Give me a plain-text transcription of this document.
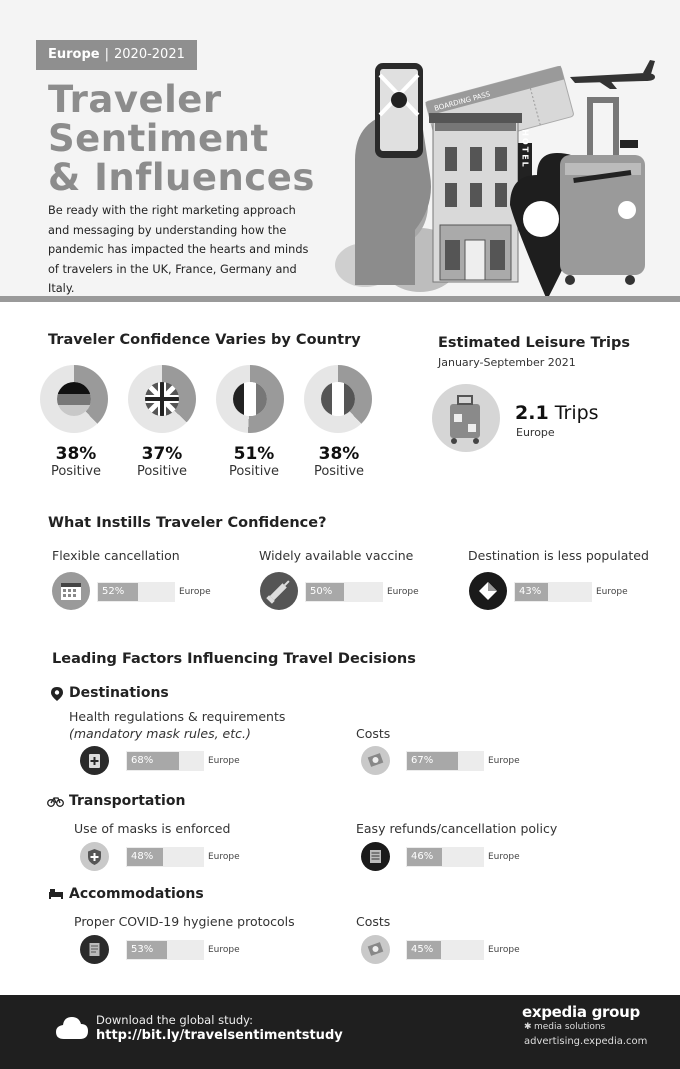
Europe | 2020-2021
Traveler
Sentiment
& Influences

Be ready with the right marketing approach and messaging by understanding how the pandemic has impacted the hearts and minds of travelers in the UK, France, Germany and Italy.

BOARDING PASS
HOTEL
Traveler Confidence Varies by Country
38%
Positive
37%
Positive
51%
Positive
38%
Positive
Estimated Leisure Trips
January-September 2021
2.1 Trips
Europe
What Instills Traveler Confidence?
Flexible cancellation
52%	Europe
Widely available vaccine
50%	Europe
Destination is less populated
43%	Europe
Leading Factors Influencing Travel Decisions
Destinations
Health regulations & requirements
(mandatory mask rules, etc.)
68%	Europe
Costs
67%	Europe
Transportation
Use of masks is enforced
48%	Europe
Easy refunds/cancellation policy
46%	Europe
Accommodations
Proper COVID-19 hygiene protocols
53%	Europe
Costs
45%	Europe
Download the global study:
http://bit.ly/travelsentimentstudy
expedia group
✱ media solutions
advertising.expedia.com
